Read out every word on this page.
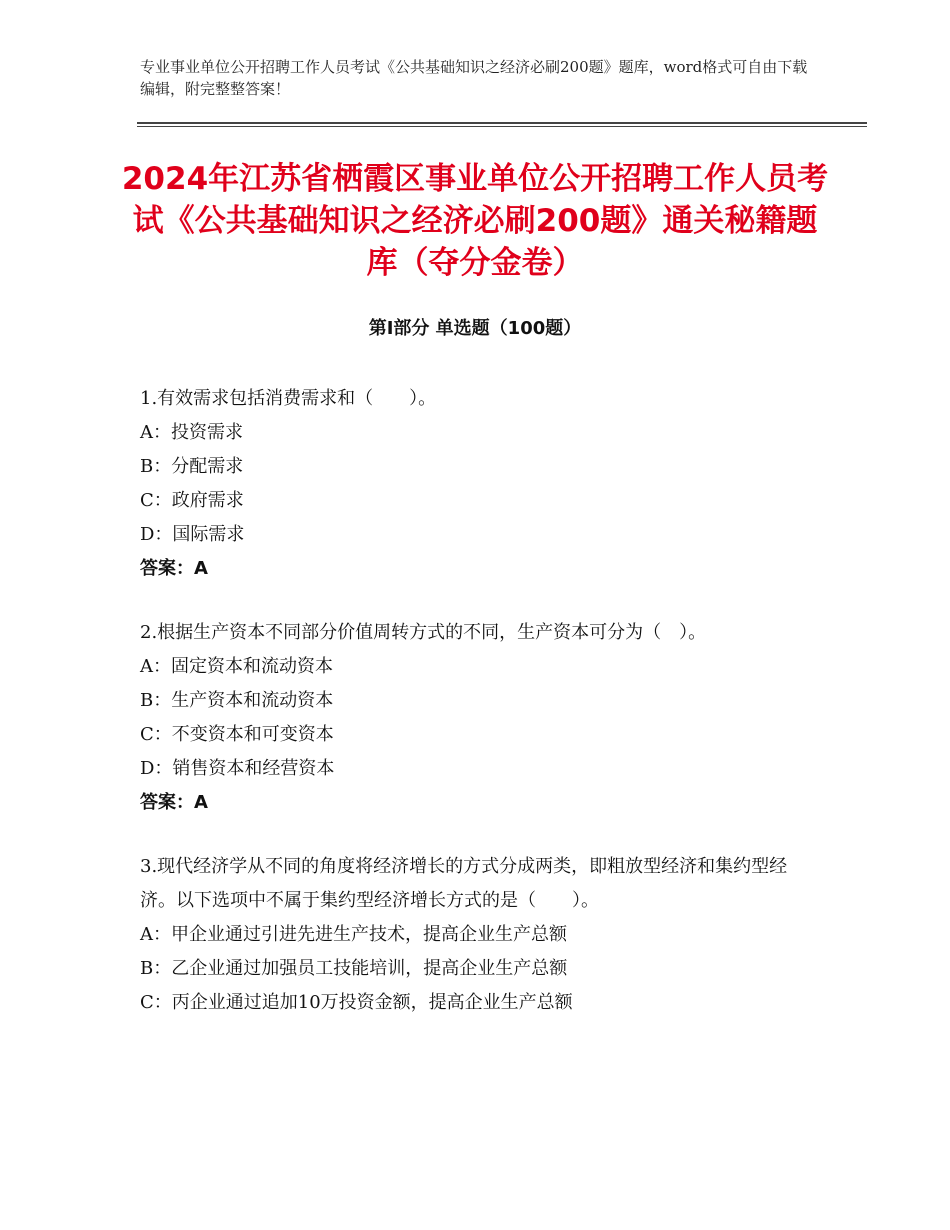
专业事业单位公开招聘工作人员考试《公共基础知识之经济必刷200题》题库，word格式可自由下载编辑，附完整整答案！
2024年江苏省栖霞区事业单位公开招聘工作人员考试《公共基础知识之经济必刷200题》通关秘籍题库（夺分金卷）
第Ⅰ部分 单选题（100题）
1.有效需求包括消费需求和（　　）。
A：投资需求
B：分配需求
C：政府需求
D：国际需求
答案：A
2.根据生产资本不同部分价值周转方式的不同，生产资本可分为（　）。
A：固定资本和流动资本
B：生产资本和流动资本
C：不变资本和可变资本
D：销售资本和经营资本
答案：A
3.现代经济学从不同的角度将经济增长的方式分成两类，即粗放型经济和集约型经济。以下选项中不属于集约型经济增长方式的是（　　）。
A：甲企业通过引进先进生产技术，提高企业生产总额
B：乙企业通过加强员工技能培训，提高企业生产总额
C：丙企业通过追加10万投资金额，提高企业生产总额
